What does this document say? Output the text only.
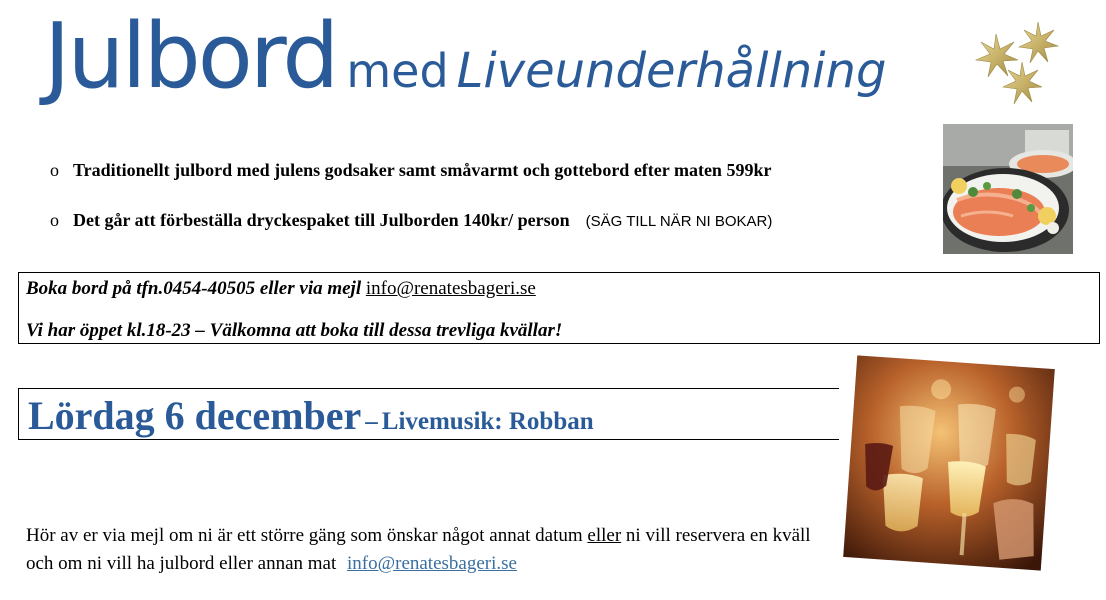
Julbord med Liveunderhållning
o Traditionellt julbord med julens godsaker samt småvarmt och gottebord efter maten 599kr
o Det går att förbeställa dryckespaket till Julborden 140kr/ person (SÄG TILL NÄR NI BOKAR)
Boka bord på tfn.0454-40505 eller via mejl info@renatesbageri.se
Vi har öppet kl.18-23 – Välkomna att boka till dessa trevliga kvällar!
Lördag 6 december – Livemusik: Robban
Hör av er via mejl om ni är ett större gäng som önskar något annat datum eller ni vill reservera en kväll och om ni vill ha julbord eller annan mat info@renatesbageri.se
